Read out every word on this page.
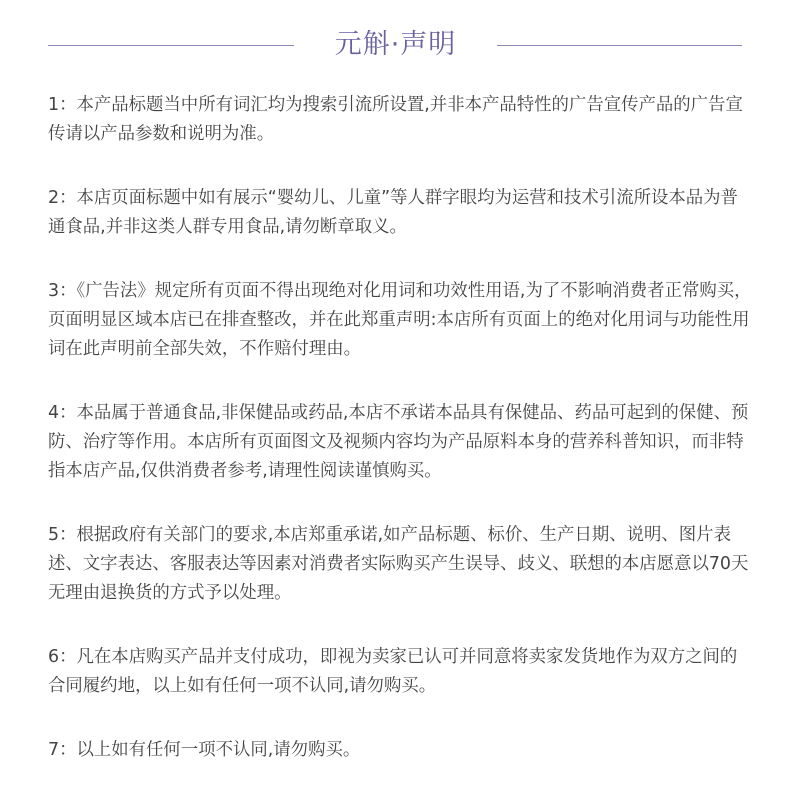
元斛·声明

1：本产品标题当中所有词汇均为搜索引流所设置,并非本产品特性的广告宣传产品的广告宣传请以产品参数和说明为准。

2：本店页面标题中如有展示“婴幼儿、儿童”等人群字眼均为运营和技术引流所设本品为普通食品,并非这类人群专用食品,请勿断章取义。

3：《广告法》规定所有页面不得出现绝对化用词和功效性用语,为了不影响消费者正常购买，页面明显区域本店已在排查整改，并在此郑重声明:本店所有页面上的绝对化用词与功能性用词在此声明前全部失效，不作赔付理由。

4：本品属于普通食品,非保健品或药品,本店不承诺本品具有保健品、药品可起到的保健、预防、治疗等作用。本店所有页面图文及视频内容均为产品原料本身的营养科普知识，而非特指本店产品,仅供消费者参考,请理性阅读谨慎购买。

5：根据政府有关部门的要求,本店郑重承诺,如产品标题、标价、生产日期、说明、图片表述、文字表达、客服表达等因素对消费者实际购买产生误导、歧义、联想的本店愿意以70天无理由退换货的方式予以处理。

6：凡在本店购买产品并支付成功，即视为卖家已认可并同意将卖家发货地作为双方之间的合同履约地，以上如有任何一项不认同,请勿购买。

7：以上如有任何一项不认同,请勿购买。
